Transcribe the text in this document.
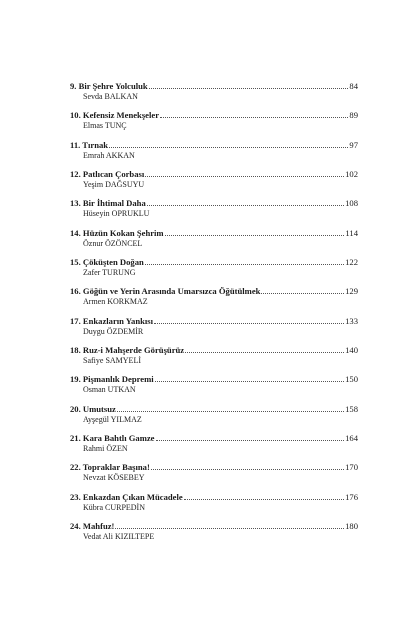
9. Bir Şehre Yolculuk	84
Sevda BALKAN
10. Kefensiz Menekşeler	89
Elmas TUNÇ
11. Tırnak	97
Emrah AKKAN
12. Patlıcan Çorbası	102
Yeşim DAĞSUYU
13. Bir İhtimal Daha	108
Hüseyin OPRUKLU
14. Hüzün Kokan Şehrim	114
Öznur ÖZÖNCEL
15. Çöküşten Doğan	122
Zafer TURUNG
16. Göğün ve Yerin Arasında Umarsızca Öğütülmek	129
Armen KORKMAZ
17. Enkazların Yankısı	133
Duygu ÖZDEMİR
18. Ruz-i Mahşerde Görüşürüz	140
Safiye SAMYELİ
19. Pişmanlık Depremi	150
Osman UTKAN
20. Umutsuz	158
Ayşegül YILMAZ
21. Kara Bahtlı Gamze	164
Rahmi ÖZEN
22. Topraklar Başına!	170
Nevzat KÖSEBEY
23. Enkazdan Çıkan Mücadele	176
Kübra CURPEDİN
24. Mahfuz!	180
Vedat Ali KIZILTEPE
